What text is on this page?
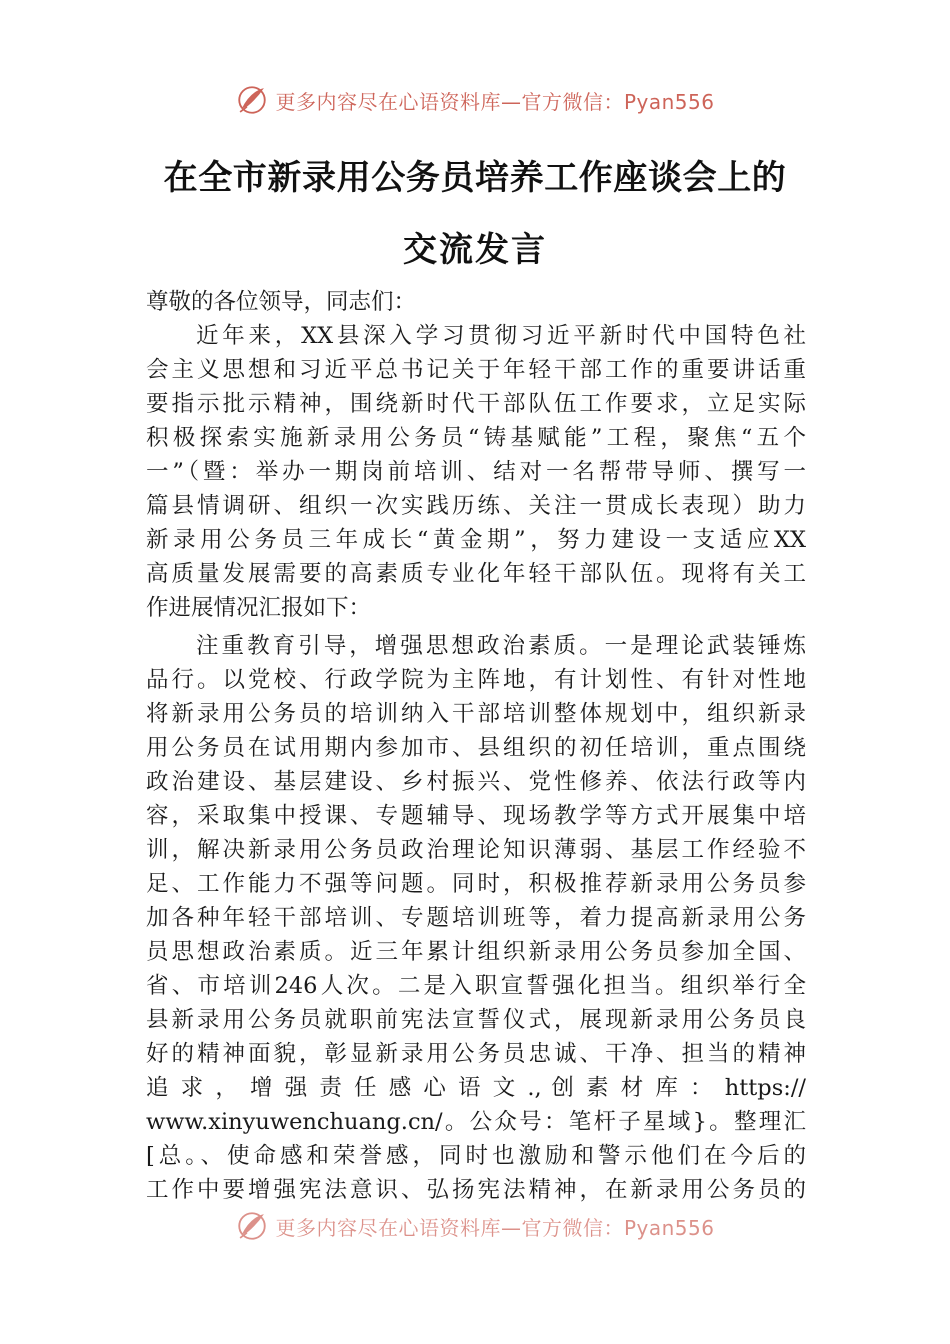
更多内容尽在心语资料库—官方微信：Pyan556
在全市新录用公务员培养工作座谈会上的
交流发言
尊敬的各位领导，同志们：
近年来，XX县深入学习贯彻习近平新时代中国特色社
会主义思想和习近平总书记关于年轻干部工作的重要讲话重
要指示批示精神，围绕新时代干部队伍工作要求，立足实际
积极探索实施新录用公务员“铸基赋能”工程，聚焦“五个
一”（暨：举办一期岗前培训、结对一名帮带导师、撰写一
篇县情调研、组织一次实践历练、关注一贯成长表现）助力
新录用公务员三年成长“黄金期”，努力建设一支适应XX
高质量发展需要的高素质专业化年轻干部队伍。现将有关工
作进展情况汇报如下：
注重教育引导，增强思想政治素质。一是理论武装锤炼
品行。以党校、行政学院为主阵地，有计划性、有针对性地
将新录用公务员的培训纳入干部培训整体规划中，组织新录
用公务员在试用期内参加市、县组织的初任培训，重点围绕
政治建设、基层建设、乡村振兴、党性修养、依法行政等内
容，采取集中授课、专题辅导、现场教学等方式开展集中培
训，解决新录用公务员政治理论知识薄弱、基层工作经验不
足、工作能力不强等问题。同时，积极推荐新录用公务员参
加各种年轻干部培训、专题培训班等，着力提高新录用公务
员思想政治素质。近三年累计组织新录用公务员参加全国、
省、市培训246人次。二是入职宣誓强化担当。组织举行全
县新录用公务员就职前宪法宣誓仪式，展现新录用公务员良
好的精神面貌，彰显新录用公务员忠诚、干净、担当的精神
追 求 ， 增 强 责 任 感 心 语 文 ., 创 素 材 库 ： https://
www.xinyuwenchuang.cn/。公众号：笔杆子星域}。整理汇
[总。、使命感和荣誉感，同时也激励和警示他们在今后的
工作中要增强宪法意识、弘扬宪法精神，在新录用公务员的
更多内容尽在心语资料库—官方微信：Pyan556
